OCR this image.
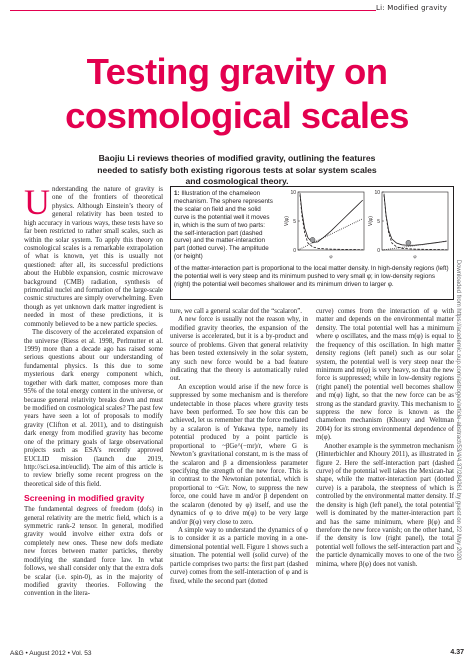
Li: Modified gravity
Testing gravity on
cosmological scales
Baojiu Li reviews theories of modified gravity, outlining the features needed to satisfy both existing rigorous tests at solar system scales and cosmological theory.

Understanding the nature of gravity is one of the frontiers of theoretical physics. Although Einstein’s theory of general relativity has been tested to high accuracy in various ways, these tests have so far been restricted to rather small scales, such as within the solar system. To apply this theory on cosmological scales is a remarkable extrapolation of what is known, yet this is usually not questioned: after all, its successful predictions about the Hubble expansion, cosmic microwave background (CMB) radiation, synthesis of primordial nuclei and formation of the large-scale cosmic structures are simply overwhelming. Even though as yet unknown dark matter ingredient is needed in most of these predictions, it is commonly believed to be a new particle species.

The discovery of the accelerated expansion of the universe (Riess et al. 1998, Perlmutter et al. 1999) more than a decade ago has raised some serious questions about our understanding of fundamental physics. Is this due to some mysterious dark energy component which, together with dark matter, composes more than 95% of the total energy content in the universe, or because general relativity breaks down and must be modified on cosmological scales? The past few years have seen a lot of proposals to modify gravity (Clifton et al. 2011), and to distinguish dark energy from modified gravity has become one of the primary goals of large observational projects such as ESA’s recently approved EUCLID mission (launch due 2019, http://sci.esa.int/euclid). The aim of this article is to review briefly some recent progress on the theoretical side of this field.

Screening in modified gravity

The fundamental degrees of freedom (dofs) in general relativity are the metric field, which is a symmetric rank-2 tensor. In general, modified gravity would involve either extra dofs or completely new ones. These new dofs mediate new forces between matter particles, thereby modifying the standard force law. In what follows, we shall consider only that the extra dofs be scalar (i.e. spin-0), as in the majority of modified gravity theories. Following the convention in the litera-

1: Illustration of the chameleon mechanism. The sphere represents the scalar on field and the solid curve is the potential well it moves in, which is the sum of two parts: the self-interaction part (dashed curve) and the matter-interaction part (dotted curve). The amplitude (or height)
of the matter-interaction part is proportional to the local matter density. In high-density regions (left) the potential well is very steep and its minimum pushed to very small φ; in low-density regions (right) the potential well becomes shallower and its minimum driven to larger φ.
0
5
10
V(φ)
φ
0
5
10
V(φ)
φ

ture, we call a general scalar dof the “scalaron”.

A new force is usually not the reason why, in modified gravity theories, the expansion of the universe is accelerated, but it is a by-product and source of problems. Given that general relativity has been tested extensively in the solar system, any such new force would be a bad feature indicating that the theory is automatically ruled out.

An exception would arise if the new force is suppressed by some mechanism and is therefore undetectable in those places where gravity tests have been performed. To see how this can be achieved, let us remember that the force mediated by a scalaron is of Yukawa type, namely its potential produced by a point particle is proportional to ~βGe^(−mr)/r, where G is Newton’s gravitational constant, m is the mass of the scalaron and β a dimensionless parameter specifying the strength of the new force. This is in contrast to the Newtonian potential, which is proportional to ~G/r. Now, to suppress the new force, one could have m and/or β dependent on the scalaron (denoted by φ) itself, and use the dynamics of φ to drive m(φ) to be very large and/or β(φ) very close to zero.

A simple way to understand the dynamics of φ is to consider it as a particle moving in a one-dimensional potential well. Figure 1 shows such a situation. The potential well (solid curve) of the particle comprises two parts: the first part (dashed curve) comes from the self-interaction of φ and is fixed, while the second part (dotted

curve) comes from the interaction of φ with matter and depends on the environmental matter density. The total potential well has a minimum where φ oscillates, and the mass m(φ) is equal to the frequency of this oscillation. In high matter density regions (left panel) such as our solar system, the potential well is very steep near the minimum and m(φ) is very heavy, so that the new force is suppressed; while in low-density regions (right panel) the potential well becomes shallow and m(φ) light, so that the new force can be as strong as the standard gravity. This mechanism to suppress the new force is known as the chameleon mechanism (Khoury and Weltman 2004) for its strong environmental dependence of m(φ).

Another example is the symmetron mechanism (Hinterbichler and Khoury 2011), as illustrated in figure 2. Here the self-interaction part (dashed curve) of the potential well takes the Mexican-hat shape, while the matter-interaction part (dotted curve) is a parabola, the steepness of which is controlled by the environmental matter density. If the density is high (left panel), the total potential well is dominated by the matter-interaction part and has the same minimum, where β(φ) and therefore the new force vanish; on the other hand, if the density is low (right panel), the total potential well follows the self-interaction part and the particle dynamically moves to one of the two minima, where β(φ) does not vanish.

Downloaded from https://academic.oup.com/astrogeo/article-abstract/53/4/4.37/284261 by guest on 22 May 2020
A&G • August 2012 • Vol. 53	4.37
